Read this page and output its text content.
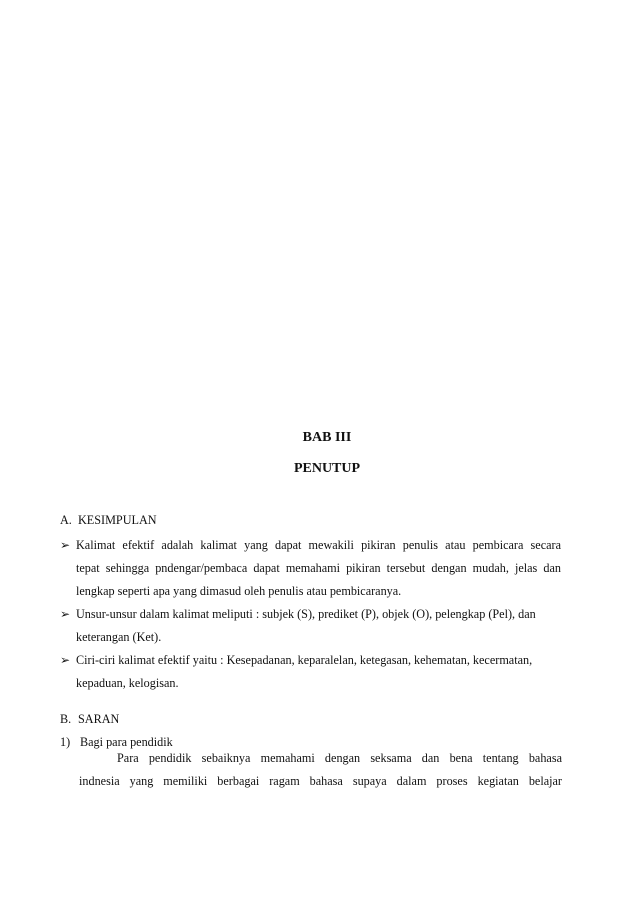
BAB III
PENUTUP
A. KESIMPULAN
➢ Kalimat efektif adalah kalimat yang dapat mewakili pikiran penulis atau pembicara secara
tepat sehingga pndengar/pembaca dapat memahami pikiran tersebut dengan mudah, jelas dan
lengkap seperti apa yang dimasud oleh penulis atau pembicaranya.
➢ Unsur-unsur dalam kalimat meliputi : subjek (S), prediket (P), objek (O), pelengkap (Pel), dan
keterangan (Ket).
➢ Ciri-ciri kalimat efektif yaitu : Kesepadanan, keparalelan, ketegasan, kehematan, kecermatan,
kepaduan, kelogisan.
B. SARAN
1) Bagi para pendidik
Para pendidik sebaiknya memahami dengan seksama dan bena tentang bahasa
indnesia yang memiliki berbagai ragam bahasa supaya dalam proses kegiatan belajar
